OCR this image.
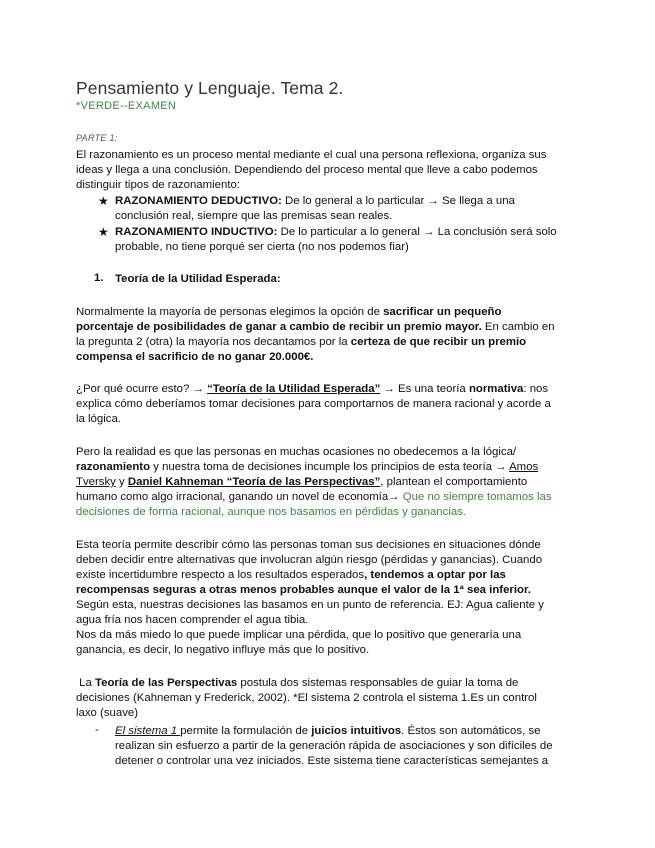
Pensamiento y Lenguaje. Tema 2.
*VERDE--EXAMEN
PARTE 1:
El razonamiento es un proceso mental mediante el cual una persona reflexiona, organiza sus
ideas y llega a una conclusión. Dependiendo del proceso mental que lleve a cabo podemos
distinguir tipos de razonamiento:
★ RAZONAMIENTO DEDUCTIVO: De lo general a lo particular → Se llega a una
conclusión real, siempre que las premisas sean reales.
★ RAZONAMIENTO INDUCTIVO: De lo particular a lo general → La conclusión será solo
probable, no tiene porqué ser cierta (no nos podemos fiar)
1. Teoría de la Utilidad Esperada:
Normalmente la mayoría de personas elegimos la opción de sacrificar un pequeño
porcentaje de posibilidades de ganar a cambio de recibir un premio mayor. En cambio en
la pregunta 2 (otra) la mayoría nos decantamos por la certeza de que recibir un premio
compensa el sacrificio de no ganar 20.000€.
¿Por qué ocurre esto? → “Teoría de la Utilidad Esperada” → Es una teoría normativa: nos
explica cómo deberíamos tomar decisiones para comportarnos de manera racional y acorde a
la lógica.
Pero la realidad es que las personas en muchas ocasiones no obedecemos a la lógica/
razonamiento y nuestra toma de decisiones incumple los principios de esta teoría → Amos
Tversky y Daniel Kahneman “Teoría de las Perspectivas”, plantean el comportamiento
humano como algo irracional, ganando un novel de economía→ Que no siempre tomamos las
decisiones de forma racional, aunque nos basamos en pérdidas y ganancias.
Esta teoría permite describir cómo las personas toman sus decisiones en situaciones dónde
deben decidir entre alternativas que involucran algún riesgo (pérdidas y ganancias). Cuando
existe incertidumbre respecto a los resultados esperados, tendemos a optar por las
recompensas seguras a otras menos probables aunque el valor de la 1ª sea inferior.
Según esta, nuestras decisiones las basamos en un punto de referencia. EJ: Agua caliente y
agua fría nos hacen comprender el agua tibia.
Nos da más miedo lo que puede implicar una pérdida, que lo positivo que generaría una
ganancia, es decir, lo negativo influye más que lo positivo.
La Teoría de las Perspectivas postula dos sistemas responsables de guiar la toma de
decisiones (Kahneman y Frederick, 2002). *El sistema 2 controla el sistema 1.Es un control
laxo (suave)
- El sistema 1 permite la formulación de juicios intuitivos. Éstos son automáticos, se
realizan sin esfuerzo a partir de la generación rápida de asociaciones y son difíciles de
detener o controlar una vez iniciados. Este sistema tiene características semejantes a
